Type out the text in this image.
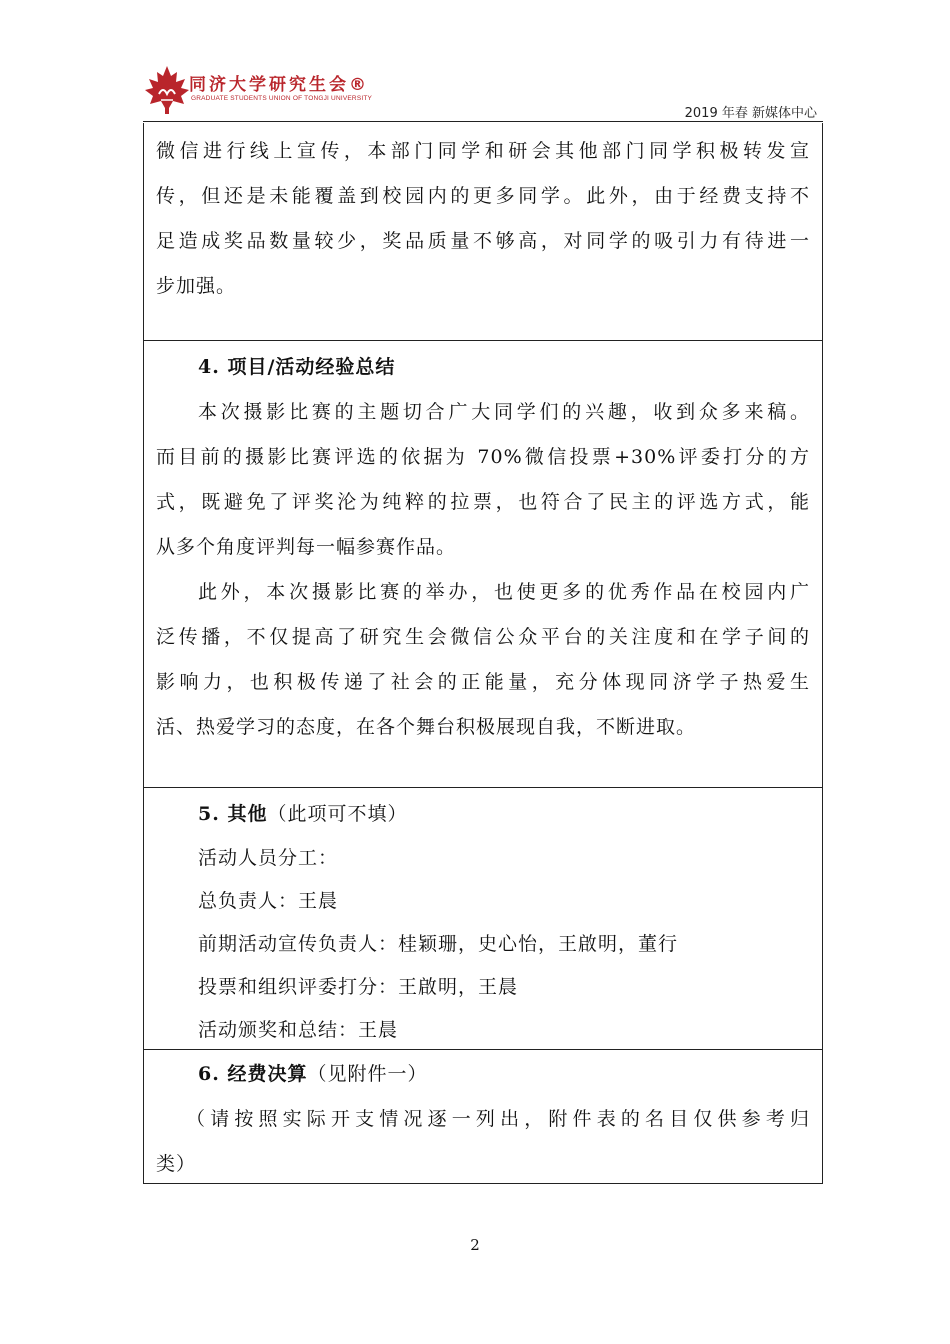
同济大学研究生会®
GRADUATE STUDENTS UNION OF TONGJI UNIVERSITY
2019 年春 新媒体中心

微信进行线上宣传，本部门同学和研会其他部门同学积极转发宣

传，但还是未能覆盖到校园内的更多同学。此外，由于经费支持不

足造成奖品数量较少，奖品质量不够高，对同学的吸引力有待进一

步加强。

4. 项目/活动经验总结

本次摄影比赛的主题切合广大同学们的兴趣，收到众多来稿。

而目前的摄影比赛评选的依据为 70%微信投票+30%评委打分的方

式，既避免了评奖沦为纯粹的拉票，也符合了民主的评选方式，能

从多个角度评判每一幅参赛作品。

此外，本次摄影比赛的举办，也使更多的优秀作品在校园内广

泛传播，不仅提高了研究生会微信公众平台的关注度和在学子间的

影响力，也积极传递了社会的正能量，充分体现同济学子热爱生

活、热爱学习的态度，在各个舞台积极展现自我，不断进取。

5. 其他（此项可不填）

活动人员分工：

总负责人：王晨

前期活动宣传负责人：桂颖珊，史心怡，王啟明，董行

投票和组织评委打分：王啟明，王晨

活动颁奖和总结：王晨

6. 经费决算（见附件一）

（请按照实际开支情况逐一列出，附件表的名目仅供参考归

类）

2
